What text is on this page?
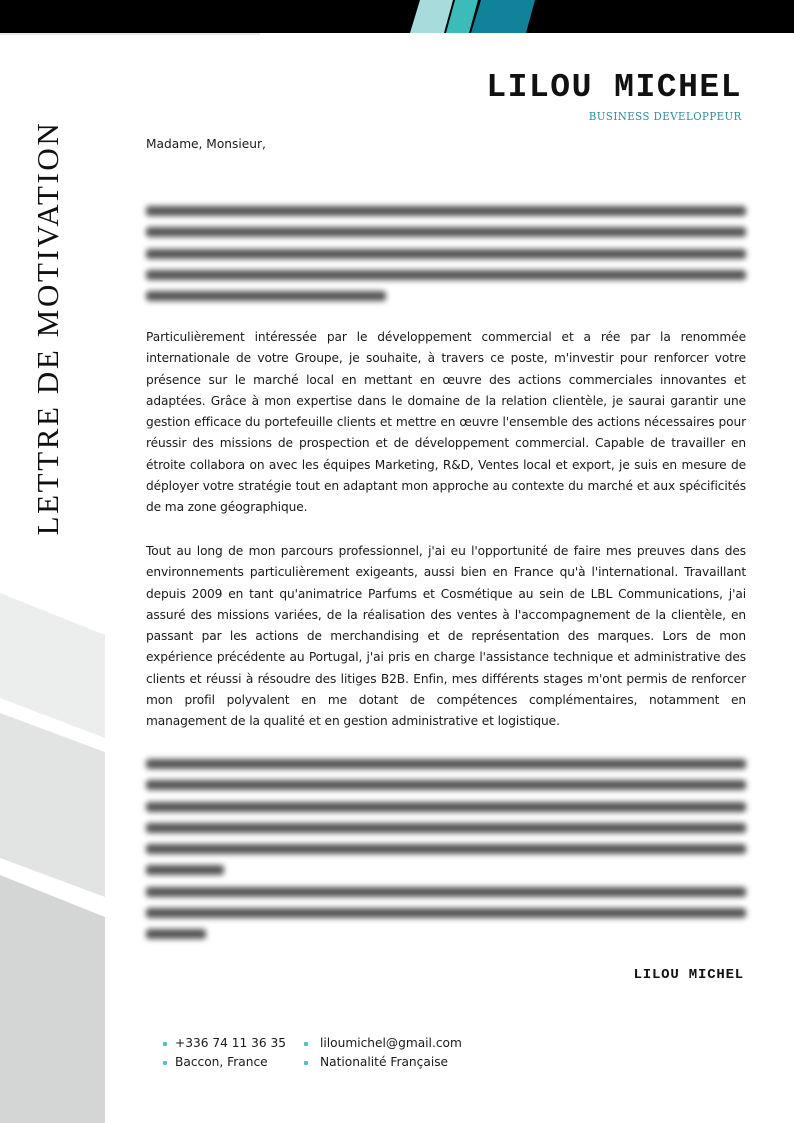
LETTRE DE MOTIVATION
LILOU MICHEL
BUSINESS DEVELOPPEUR
Madame, Monsieur,
Particulièrement intéressée par le développement commercial et a rée par la renommée internationale de votre Groupe, je souhaite, à travers ce poste, m'investir pour renforcer votre présence sur le marché local en mettant en œuvre des actions commerciales innovantes et adaptées. Grâce à mon expertise dans le domaine de la relation clientèle, je saurai garantir une gestion efficace du portefeuille clients et mettre en œuvre l'ensemble des actions nécessaires pour réussir des missions de prospection et de développement commercial. Capable de travailler en étroite collabora on avec les équipes Marketing, R&D, Ventes local et export, je suis en mesure de déployer votre stratégie tout en adaptant mon approche au contexte du marché et aux spécificités de ma zone géographique.
Tout au long de mon parcours professionnel, j'ai eu l'opportunité de faire mes preuves dans des environnements particulièrement exigeants, aussi bien en France qu'à l'international. Travaillant depuis 2009 en tant qu'animatrice Parfums et Cosmétique au sein de LBL Communications, j'ai assuré des missions variées, de la réalisation des ventes à l'accompagnement de la clientèle, en passant par les actions de merchandising et de représentation des marques. Lors de mon expérience précédente au Portugal, j'ai pris en charge l'assistance technique et administrative des clients et réussi à résoudre des litiges B2B. Enfin, mes différents stages m'ont permis de renforcer mon profil polyvalent en me dotant de compétences complémentaires, notamment en management de la qualité et en gestion administrative et logistique.
LILOU MICHEL
+336 74 11 36 35
Baccon, France
liloumichel@gmail.com
Nationalité Française
